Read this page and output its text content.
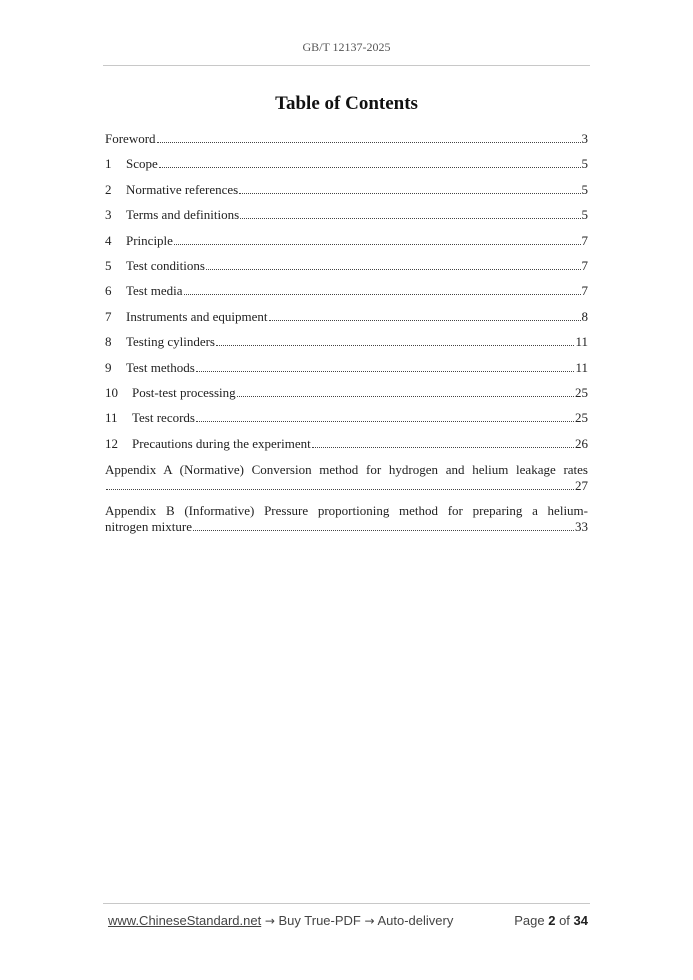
GB/T 12137-2025
Table of Contents
Foreword	3
1	Scope	5
2	Normative references	5
3	Terms and definitions	5
4	Principle	7
5	Test conditions	7
6	Test media	7
7	Instruments and equipment	8
8	Testing cylinders	11
9	Test methods	11
10	Post-test processing	25
11	Test records	25
12	Precautions during the experiment	26
Appendix A (Normative) Conversion method for hydrogen and helium leakage rates
27
Appendix B (Informative) Pressure proportioning method for preparing a helium-
nitrogen mixture	33
www.ChineseStandard.net → Buy True-PDF → Auto-delivery	Page 2 of 34
